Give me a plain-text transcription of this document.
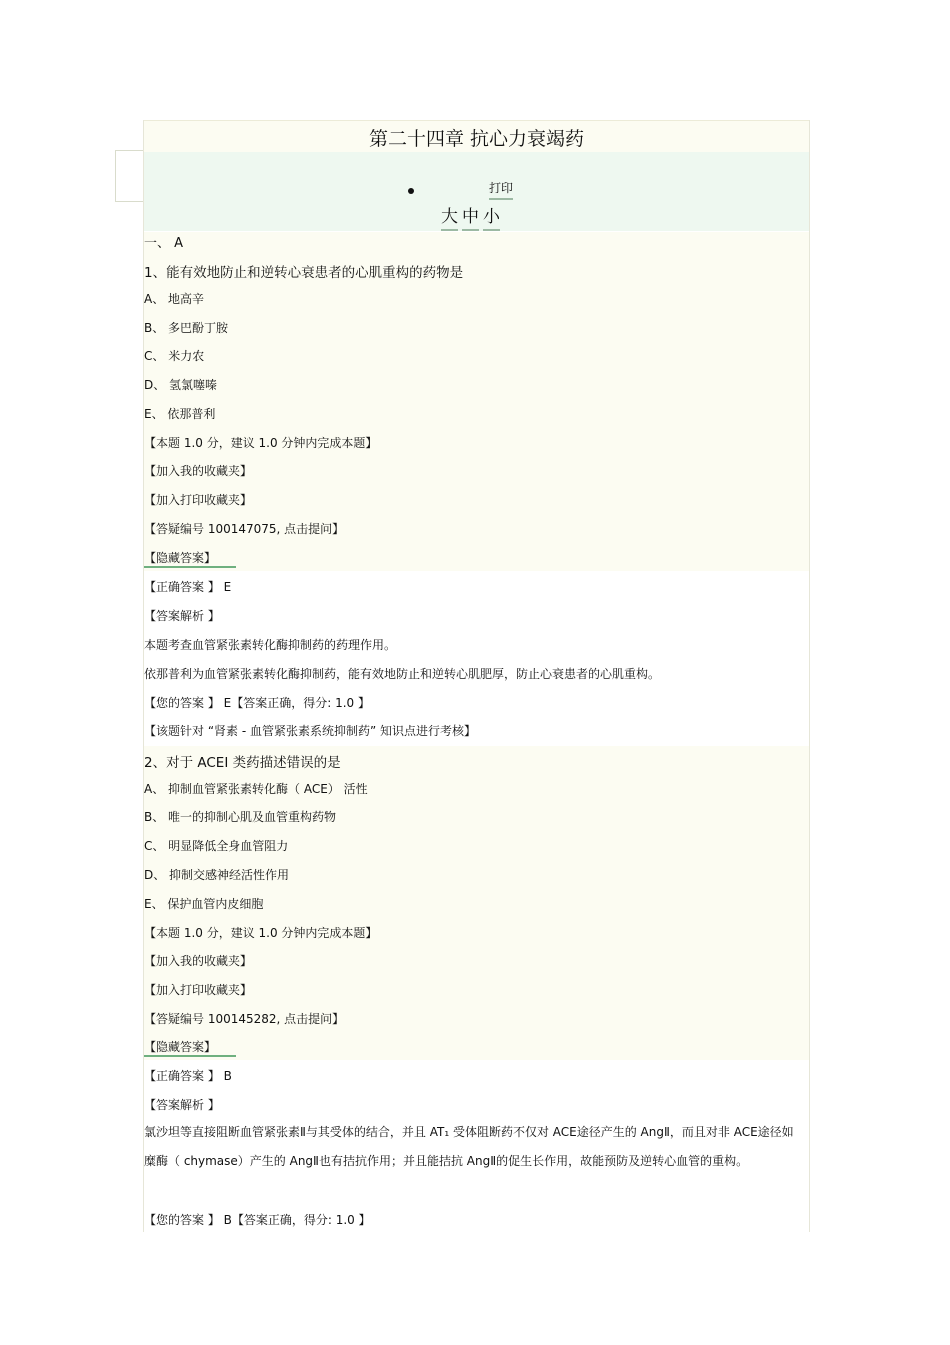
第二十四章 抗心力衰竭药
打印
大 中 小
一、 A
1、能有效地防止和逆转心衰患者的心肌重构的药物是
A、 地高辛
B、 多巴酚丁胺
C、 米力农
D、 氢氯噻嗪
E、 依那普利
【本题 1.0 分，建议 1.0 分钟内完成本题】
【加入我的收藏夹】
【加入打印收藏夹】
【答疑编号 100147075, 点击提问】
【隐藏答案】
【正确答案 】 E
【答案解析 】
本题考查血管紧张素转化酶抑制药的药理作用。
依那普利为血管紧张素转化酶抑制药，能有效地防止和逆转心肌肥厚，防止心衰患者的心肌重构。
【您的答案 】 E【答案正确，得分: 1.0 】
【该题针对 “肾素 - 血管紧张素系统抑制药” 知识点进行考核】
2、对于 ACEI 类药描述错误的是
A、 抑制血管紧张素转化酶（ ACE） 活性
B、 唯一的抑制心肌及血管重构药物
C、 明显降低全身血管阻力
D、 抑制交感神经活性作用
E、 保护血管内皮细胞
【本题 1.0 分，建议 1.0 分钟内完成本题】
【加入我的收藏夹】
【加入打印收藏夹】
【答疑编号 100145282, 点击提问】
【隐藏答案】
【正确答案 】 B
【答案解析 】
氯沙坦等直接阻断血管紧张素Ⅱ与其受体的结合，并且 AT₁ 受体阻断药不仅对 ACE途径产生的 AngⅡ，而且对非 ACE途径如糜酶（ chymase）产生的 AngⅡ也有拮抗作用；并且能拮抗 AngⅡ的促生长作用，故能预防及逆转心血管的重构。
【您的答案 】 B【答案正确，得分: 1.0 】
